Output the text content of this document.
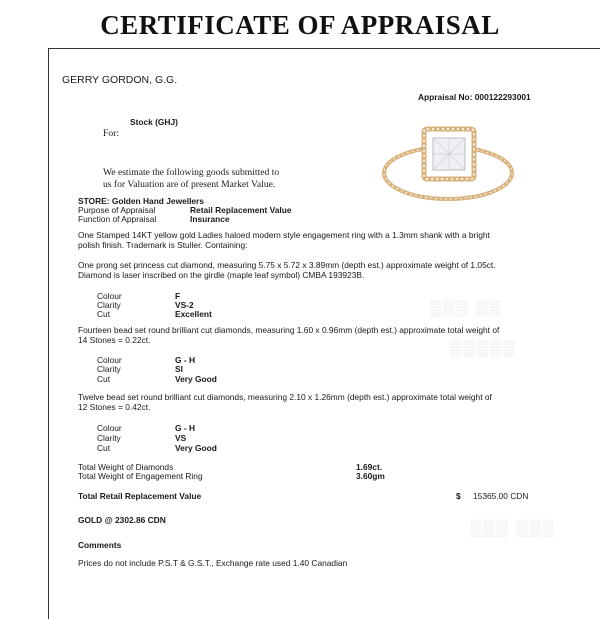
▒▒▒ ▒▒
▒▒▒▒▒
▒▒▒ ▒▒▒
CERTIFICATE OF APPRAISAL
GERRY GORDON, G.G.
Appraisal No: 000122293001
Stock (GHJ)
For:
We estimate the following goods submitted to
us for Valuation are of present Market Value.
STORE: Golden Hand Jewellers
Purpose of Appraisal	Retail Replacement Value
Function of Appraisal	Insurance
One Stamped 14KT yellow gold Ladies haloed modern style engagement ring with a 1.3mm shank with a bright polish finish. Trademark is Stuller. Containing:
One prong set princess cut diamond, measuring 5.75 x 5.72 x 3.89mm (depth est.) approximate weight of 1.05ct. Diamond is laser inscribed on the girdle (maple leaf symbol) CMBA 193923B.
Colour	F
Clarity	VS-2
Cut	Excellent
Fourteen bead set round brilliant cut diamonds, measuring 1.60 x 0.96mm (depth est.) approximate total weight of 14 Stones = 0.22ct.
Colour	G - H
Clarity	SI
Cut	Very Good
Twelve bead set round brilliant cut diamonds, measuring 2.10 x 1.26mm (depth est.) approximate total weight of 12 Stones = 0.42ct.
Colour	G - H
Clarity	VS
Cut	Very Good
Total Weight of Diamonds	1.69ct.
Total Weight of Engagement Ring	3.60gm
Total Retail Replacement Value	$ 15365.00 CDN
GOLD @ 2302.86 CDN
Comments
Prices do not include P.S.T & G.S.T., Exchange rate used 1.40 Canadian
